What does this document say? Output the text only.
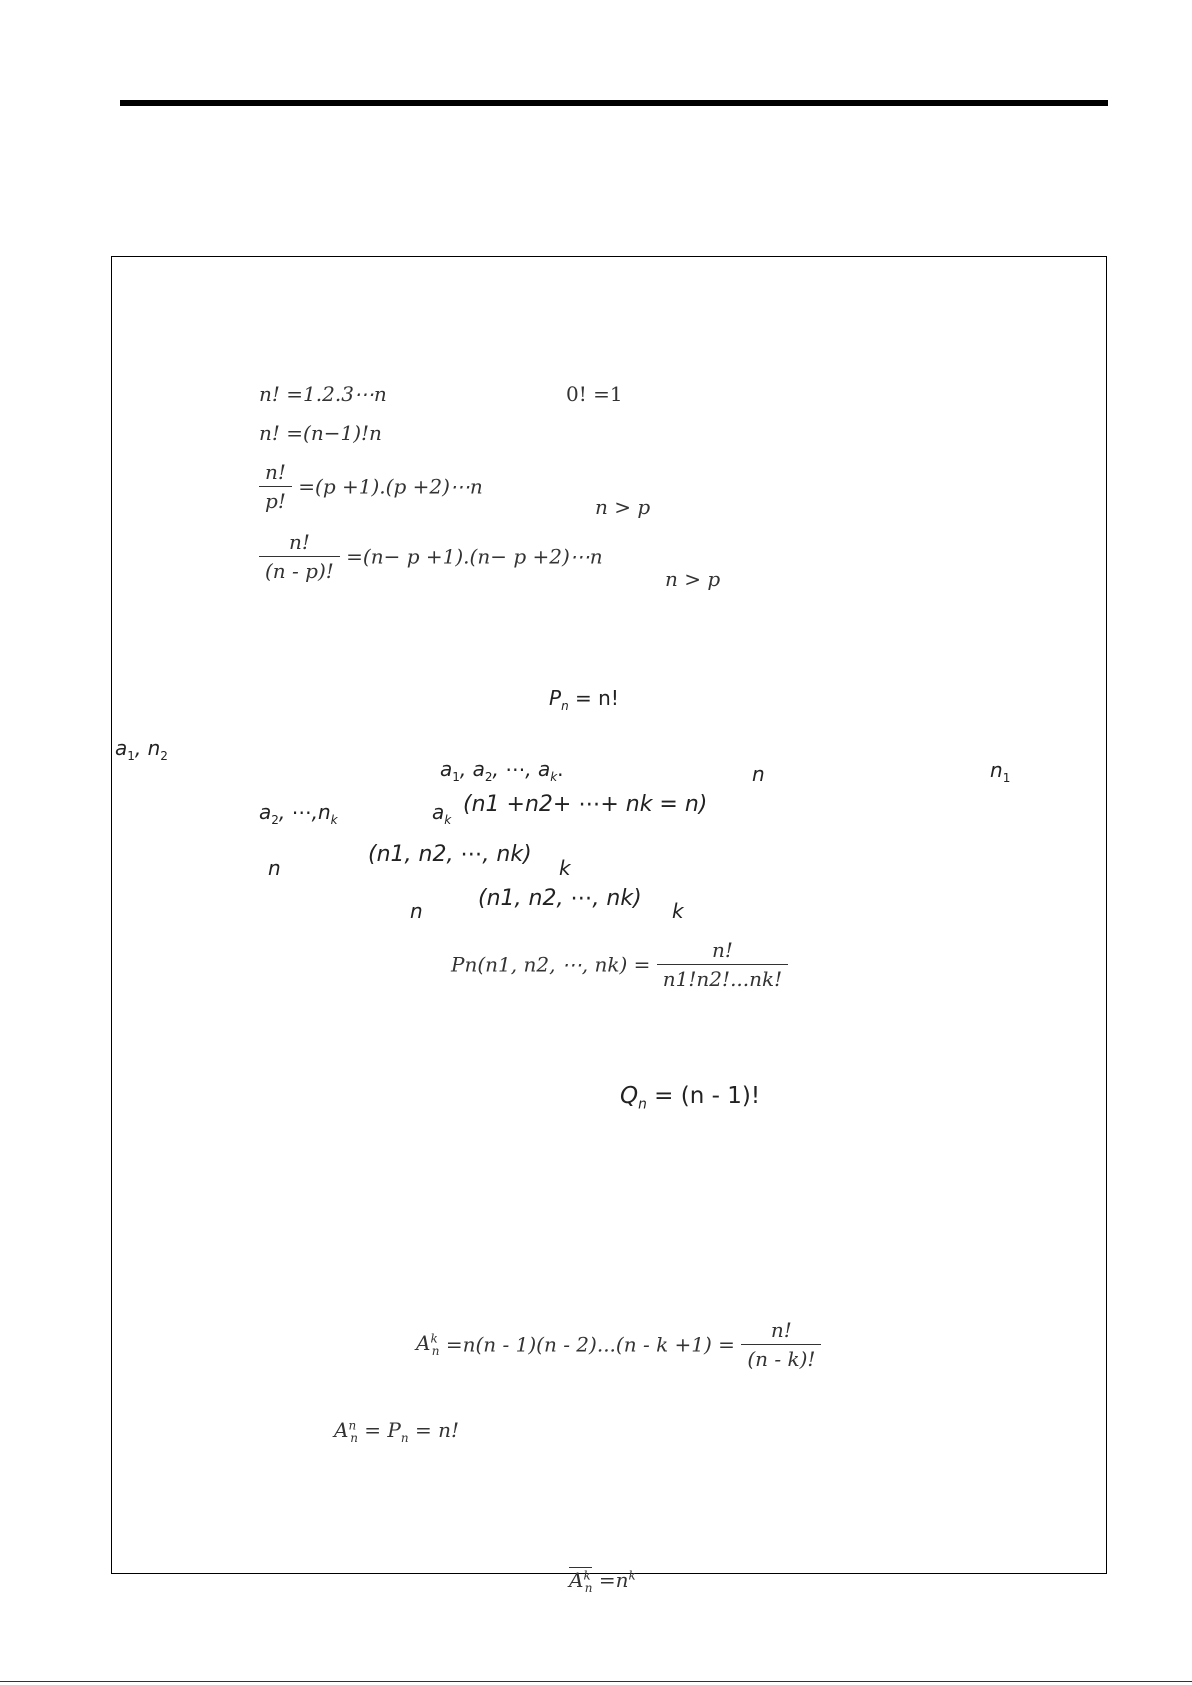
n! =1.2.3⋯n	0! =1
n! =(n−1)!n
$\frac{n!}{p!} =(p +1).(p$ +2)⋯n
n > p
$\frac{n!}{(n - p)!} =(n- p +1).(n- p$ +2)⋯n
n > p
$P_n = n$!
$a_1$, $n_2$
$a_1$, $a_2$, ⋯, $a_k$.	n	$n_1$
$a_2$, $\cdots,n_k$	$a_k$
(n1 +n2+ ⋯+ nk = n)
n
(n1, n2, ⋯, nk)
k
n	(n1, n2, ⋯, nk) k
Pn(n1, n2, ⋯, $nk) = \frac{n!}{n1!n2!...nk!}$
$Q_n = (n - 1)$!
$A^k_n =n(n - 1)(n - 2)...(n - k +1) = \frac{n!}{(n - k)!}$
$A^n_n = P_n = n$!
$A^k_n =n^k$
